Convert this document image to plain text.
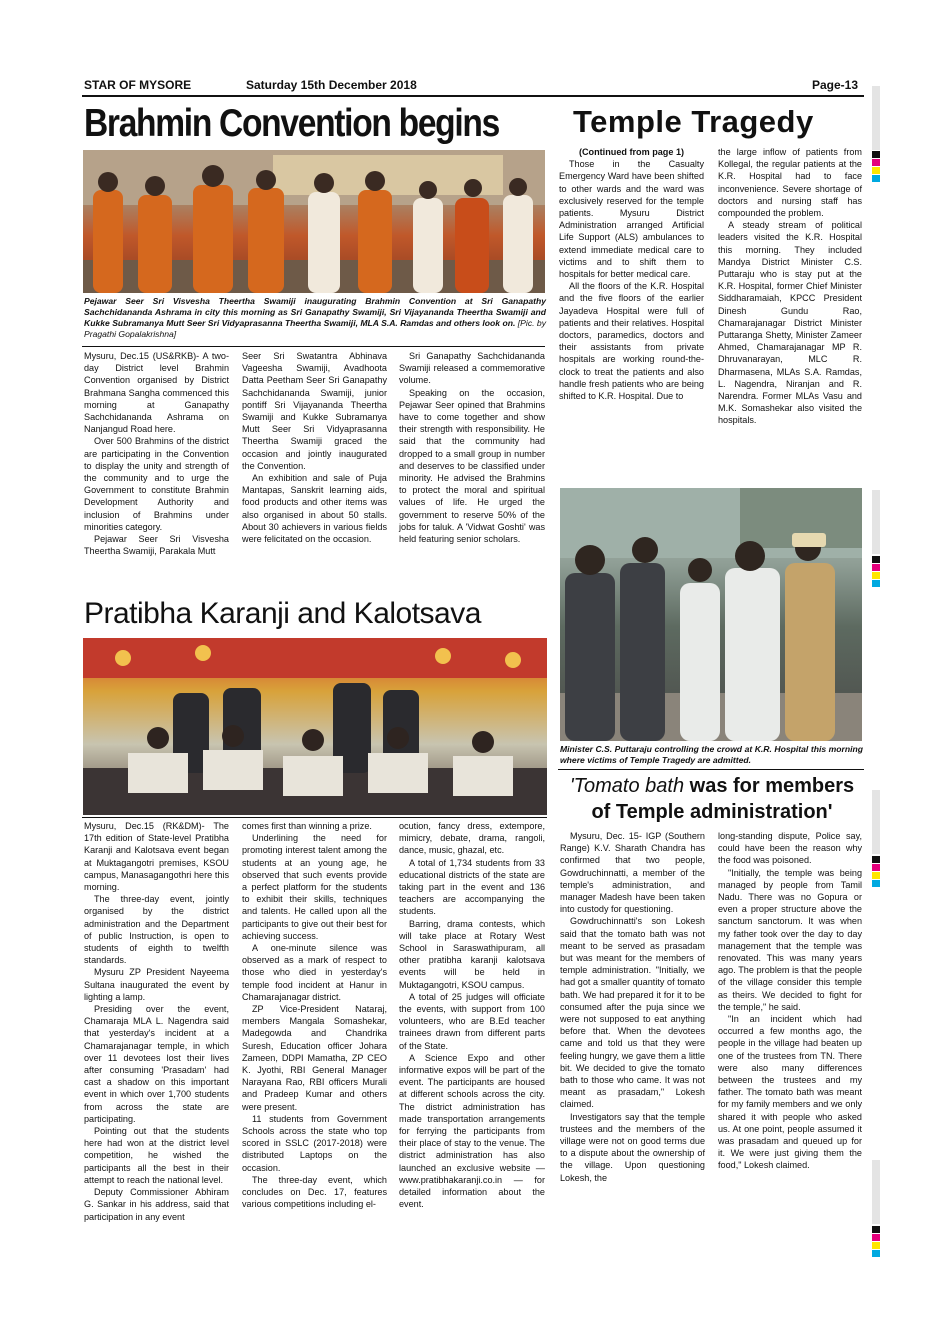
STAR OF MYSORE	Saturday 15th December 2018	Page-13
Brahmin Convention begins
Pejawar Seer Sri Visvesha Theertha Swamiji inaugurating Brahmin Convention at Sri Ganapathy Sachchidananda Ashrama in city this morning as Sri Ganapathy Swamiji, Sri Vijayananda Theertha Swamiji and Kukke Subramanya Mutt Seer Sri Vidyaprasanna Theertha Swamiji, MLA S.A. Ramdas and others look on. [Pic. by Pragathi Gopalakrishna]

Mysuru, Dec.15 (US&RKB)- A two-day District level Brahmin Convention organised by District Brahmana Sangha commenced this morning at Ganapathy Sachchidananda Ashrama on Nanjangud Road here.

Over 500 Brahmins of the district are participating in the Convention to display the unity and strength of the community and to urge the Government to constitute Brahmin Development Authority and inclusion of Brahmins under minorities category.

Pejawar Seer Sri Visvesha Theertha Swamiji, Parakala Mutt

Seer Sri Swatantra Abhinava Vageesha Swamiji, Avadhoota Datta Peetham Seer Sri Ganapathy Sachchidananda Swamiji, junior pontiff Sri Vijayananda Theertha Swamiji and Kukke Subramanya Mutt Seer Sri Vidyaprasanna Theertha Swamiji graced the occasion and jointly inaugurated the Convention.

An exhibition and sale of Puja Mantapas, Sanskrit learning aids, food products and other items was also organised in about 50 stalls. About 30 achievers in various fields were felicitated on the occasion.

Sri Ganapathy Sachchidananda Swamiji released a commemorative volume.

Speaking on the occasion, Pejawar Seer opined that Brahmins have to come together and show their strength with responsibility. He said that the community had dropped to a small group in number and deserves to be classified under minority. He advised the Brahmins to protect the moral and spiritual values of life. He urged the government to reserve 50% of the jobs for taluk. A 'Vidwat Goshti' was held featuring senior scholars.

Temple Tragedy

(Continued from page 1)

Those in the Casualty Emergency Ward have been shifted to other wards and the ward was exclusively reserved for the temple patients. Mysuru District Administration arranged Artificial Life Support (ALS) ambulances to extend immediate medical care to victims and to shift them to hospitals for better medical care.

All the floors of the K.R. Hospital and the five floors of the earlier Jayadeva Hospital were full of patients and their relatives. Hospital doctors, paramedics, doctors and their assistants from private hospitals are working round-the-clock to treat the patients and also handle fresh patients who are being shifted to K.R. Hospital. Due to

the large inflow of patients from Kollegal, the regular patients at the K.R. Hospital had to face inconvenience. Severe shortage of doctors and nursing staff has compounded the problem.

A steady stream of political leaders visited the K.R. Hospital this morning. They included Mandya District Minister C.S. Puttaraju who is stay put at the K.R. Hospital, former Chief Minister Siddharamaiah, KPCC President Dinesh Gundu Rao, Chamarajanagar District Minister Puttaranga Shetty, Minister Zameer Ahmed, Chamarajanagar MP R. Dhruvanarayan, MLC R. Dharmasena, MLAs S.A. Ramdas, L. Nagendra, Niranjan and R. Narendra. Former MLAs Vasu and M.K. Somashekar also visited the hospitals.

Minister C.S. Puttaraju controlling the crowd at K.R. Hospital this morning where victims of Temple Tragedy are admitted.
'Tomato bath was for members
of Temple administration'

Mysuru, Dec. 15- IGP (Southern Range) K.V. Sharath Chandra has confirmed that two people, Gowdruchinnatti, a member of the temple's administration, and manager Madesh have been taken into custody for questioning.

Gowdruchinnatti's son Lokesh said that the tomato bath was not meant to be served as prasadam but was meant for the members of temple administration. "Initially, we had got a smaller quantity of tomato bath. We had prepared it for it to be consumed after the puja since we were not supposed to eat anything before that. When the devotees came and told us that they were feeling hungry, we gave them a little bit. We decided to give the tomato bath to those who came. It was not meant as prasadam," Lokesh claimed.

Investigators say that the temple trustees and the members of the village were not on good terms due to a dispute about the ownership of the village. Upon questioning Lokesh, the

long-standing dispute, Police say, could have been the reason why the food was poisoned.

"Initially, the temple was being managed by people from Tamil Nadu. There was no Gopura or even a proper structure above the sanctum sanctorum. It was when my father took over the day to day management that the temple was renovated. This was many years ago. The problem is that the people of the village consider this temple as theirs. We decided to fight for the temple," he said.

"In an incident which had occurred a few months ago, the people in the village had beaten up one of the trustees from TN. There were also many differences between the trustees and my father. The tomato bath was meant for my family members and we only shared it with people who asked us. At one point, people assumed it was prasadam and queued up for it. We were just giving them the food," Lokesh claimed.

Pratibha Karanji and Kalotsava

Mysuru, Dec.15 (RK&DM)- The 17th edition of State-level Pratibha Karanji and Kalotsava event began at Muktagangotri premises, KSOU campus, Manasagangothri here this morning.

The three-day event, jointly organised by the district administration and the Department of public Instruction, is open to students of eighth to twelfth standards.

Mysuru ZP President Nayeema Sultana inaugurated the event by lighting a lamp.

Presiding over the event, Chamaraja MLA L. Nagendra said that yesterday's incident at a Chamarajanagar temple, in which over 11 devotees lost their lives after consuming 'Prasadam' had cast a shadow on this important event in which over 1,700 students from across the state are participating.

Pointing out that the students here had won at the district level competition, he wished the participants all the best in their attempt to reach the national level.

Deputy Commissioner Abhiram G. Sankar in his address, said that participation in any event

comes first than winning a prize.

Underlining the need for promoting interest talent among the students at an young age, he observed that such events provide a perfect platform for the students to exhibit their skills, techniques and talents. He called upon all the participants to give out their best for achieving success.

A one-minute silence was observed as a mark of respect to those who died in yesterday's temple food incident at Hanur in Chamarajanagar district.

ZP Vice-President Nataraj, members Mangala Somashekar, Madegowda and Chandrika Suresh, Education officer Johara Zameen, DDPI Mamatha, ZP CEO K. Jyothi, RBI General Manager Narayana Rao, RBI officers Murali and Pradeep Kumar and others were present.

11 students from Government Schools across the state who top scored in SSLC (2017-2018) were distributed Laptops on the occasion.

The three-day event, which concludes on Dec. 17, features various competitions including el-

ocution, fancy dress, extempore, mimicry, debate, drama, rangoli, dance, music, ghazal, etc.

A total of 1,734 students from 33 educational districts of the state are taking part in the event and 136 teachers are accompanying the students.

Barring, drama contests, which will take place at Rotary West School in Saraswathipuram, all other pratibha karanji kalotsava events will be held in Muktagangotri, KSOU campus.

A total of 25 judges will officiate the events, with support from 100 volunteers, who are B.Ed teacher trainees drawn from different parts of the State.

A Science Expo and other informative expos will be part of the event. The participants are housed at different schools across the city. The district administration has made transportation arrangements for ferrying the participants from their place of stay to the venue. The district administration has also launched an exclusive website — www.pratibhakaranji.co.in — for detailed information about the event.
